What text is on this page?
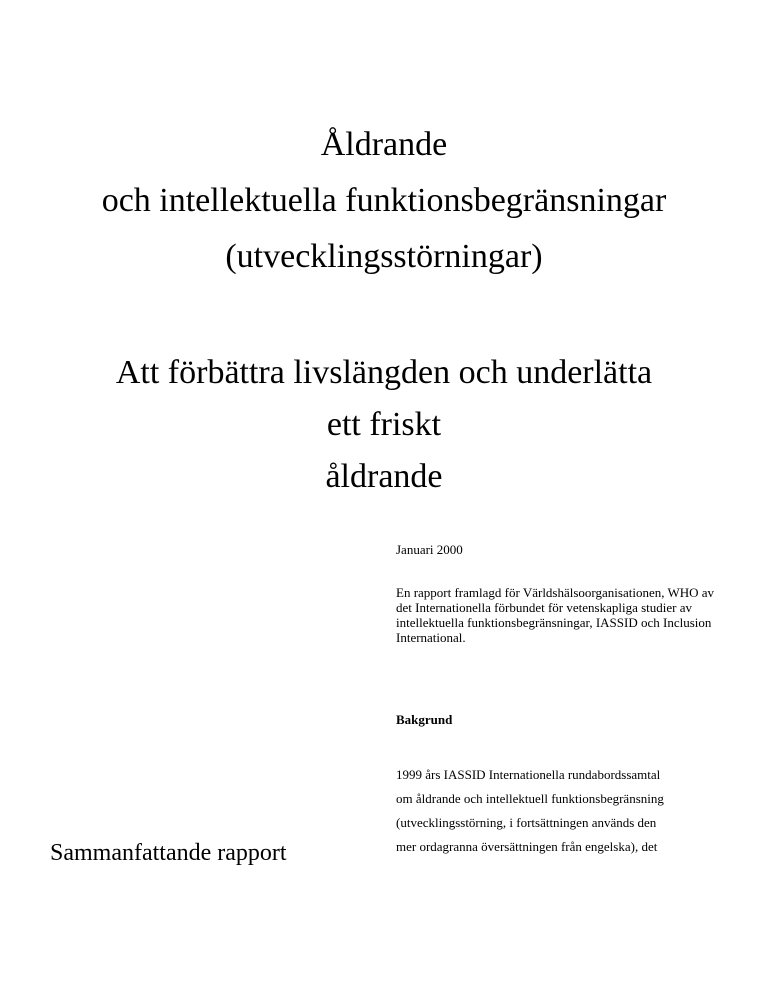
Åldrande
och intellektuella funktionsbegränsningar
(utvecklingsstörningar)
Att förbättra livslängden och underlätta
ett friskt
åldrande
Januari 2000
En rapport framlagd för Världshälsoorganisationen, WHO av det Internationella förbundet för vetenskapliga studier av intellektuella funktionsbegränsningar, IASSID och Inclusion International.
Bakgrund
1999 års IASSID Internationella rundabordssamtal
om åldrande och intellektuell funktionsbegränsning
(utvecklingsstörning, i fortsättningen används den
mer ordagranna översättningen från engelska), det
Sammanfattande rapport
